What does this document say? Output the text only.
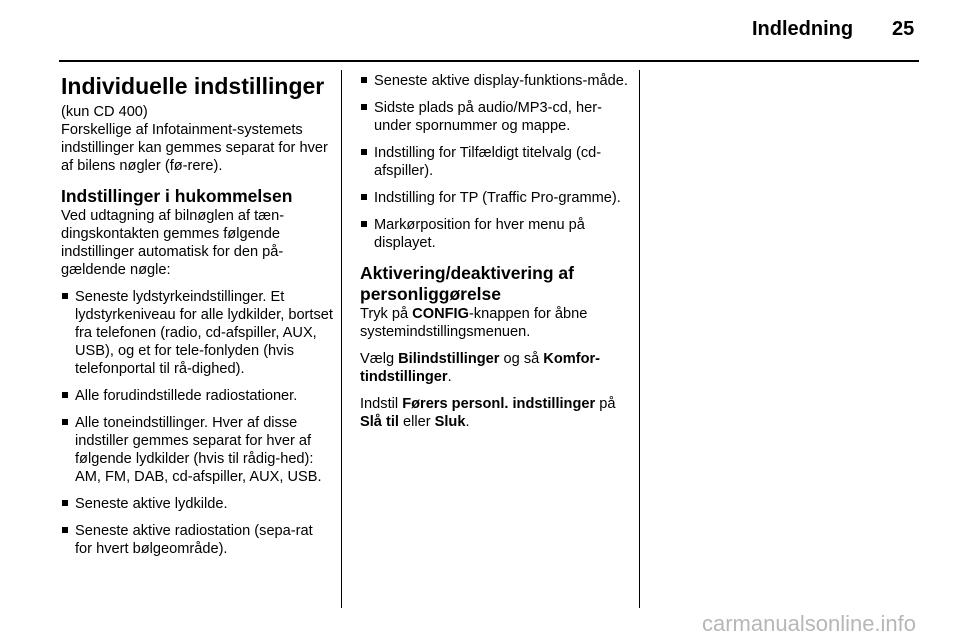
Indledning 25
Individuelle indstillinger

(kun CD 400)

Forskellige af Infotainment-systemets indstillinger kan gemmes separat for hver af bilens nøgler (fø-rere).

Indstillinger i hukommelsen

Ved udtagning af bilnøglen af tæn-dingskontakten gemmes følgende indstillinger automatisk for den på-gældende nøgle:

Seneste lydstyrkeindstillinger. Et lydstyrkeniveau for alle lydkilder, bortset fra telefonen (radio, cd-afspiller, AUX, USB), og et for tele-fonlyden (hvis telefonportal til rå-dighed).
Alle forudindstillede radiostationer.
Alle toneindstillinger. Hver af disse indstiller gemmes separat for hver af følgende lydkilder (hvis til rådig-hed): AM, FM, DAB, cd-afspiller, AUX, USB.
Seneste aktive lydkilde.
Seneste aktive radiostation (sepa-rat for hvert bølgeområde).
Seneste aktive display-funktions-måde.
Sidste plads på audio/MP3-cd, her-under spornummer og mappe.
Indstilling for Tilfældigt titelvalg (cd-afspiller).
Indstilling for TP (Traffic Pro-gramme).
Markørposition for hver menu på displayet.
Aktivering/deaktivering af personliggørelse

Tryk på CONFIG-knappen for åbne systemindstillingsmenuen.

Vælg Bilindstillinger og så Komfor-tindstillinger.

Indstil Førers personl. indstillinger på Slå til eller Sluk.

carmanualsonline.info
